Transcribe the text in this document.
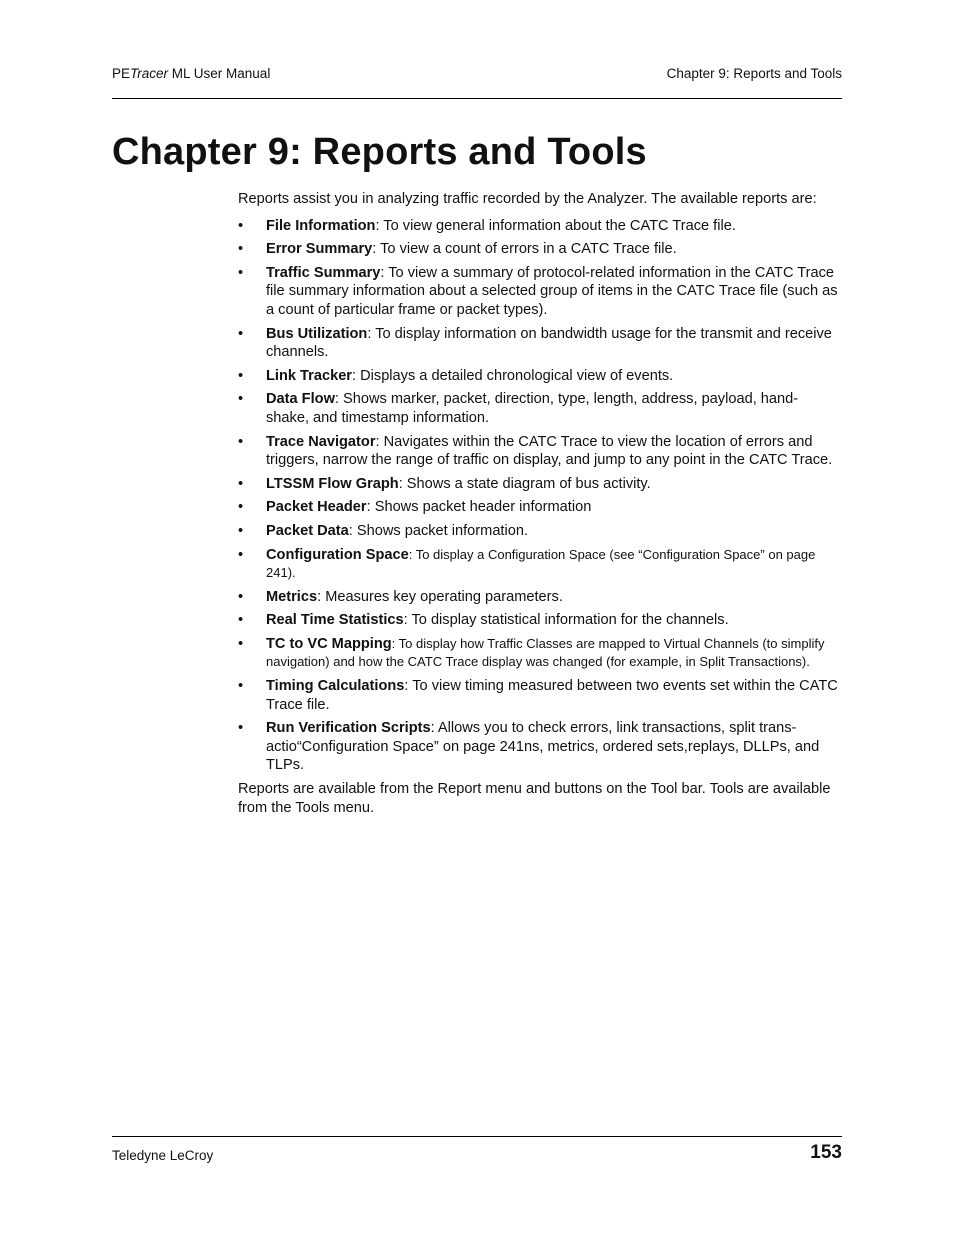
PETracer ML User Manual	Chapter 9: Reports and Tools
Chapter 9: Reports and Tools

Reports assist you in analyzing traffic recorded by the Analyzer. The available reports are:

• File Information: To view general information about the CATC Trace file.
• Error Summary: To view a count of errors in a CATC Trace file.
• Traffic Summary: To view a summary of protocol-related information in the CATC Trace file summary information about a selected group of items in the CATC Trace file (such as a count of particular frame or packet types).
• Bus Utilization: To display information on bandwidth usage for the transmit and receive channels.
• Link Tracker: Displays a detailed chronological view of events.
• Data Flow: Shows marker, packet, direction, type, length, address, payload, hand-shake, and timestamp information.
• Trace Navigator: Navigates within the CATC Trace to view the location of errors and triggers, narrow the range of traffic on display, and jump to any point in the CATC Trace.
• LTSSM Flow Graph: Shows a state diagram of bus activity.
• Packet Header: Shows packet header information
• Packet Data: Shows packet information.
• Configuration Space: To display a Configuration Space (see “Configuration Space” on page 241).
• Metrics: Measures key operating parameters.
• Real Time Statistics: To display statistical information for the channels.
• TC to VC Mapping: To display how Traffic Classes are mapped to Virtual Channels (to simplify navigation) and how the CATC Trace display was changed (for example, in Split Transactions).
• Timing Calculations: To view timing measured between two events set within the CATC Trace file.
• Run Verification Scripts: Allows you to check errors, link transactions, split trans-actio“Configuration Space” on page 241ns, metrics, ordered sets,replays, DLLPs, and TLPs.

Reports are available from the Report menu and buttons on the Tool bar. Tools are available from the Tools menu.

Teledyne LeCroy	153
